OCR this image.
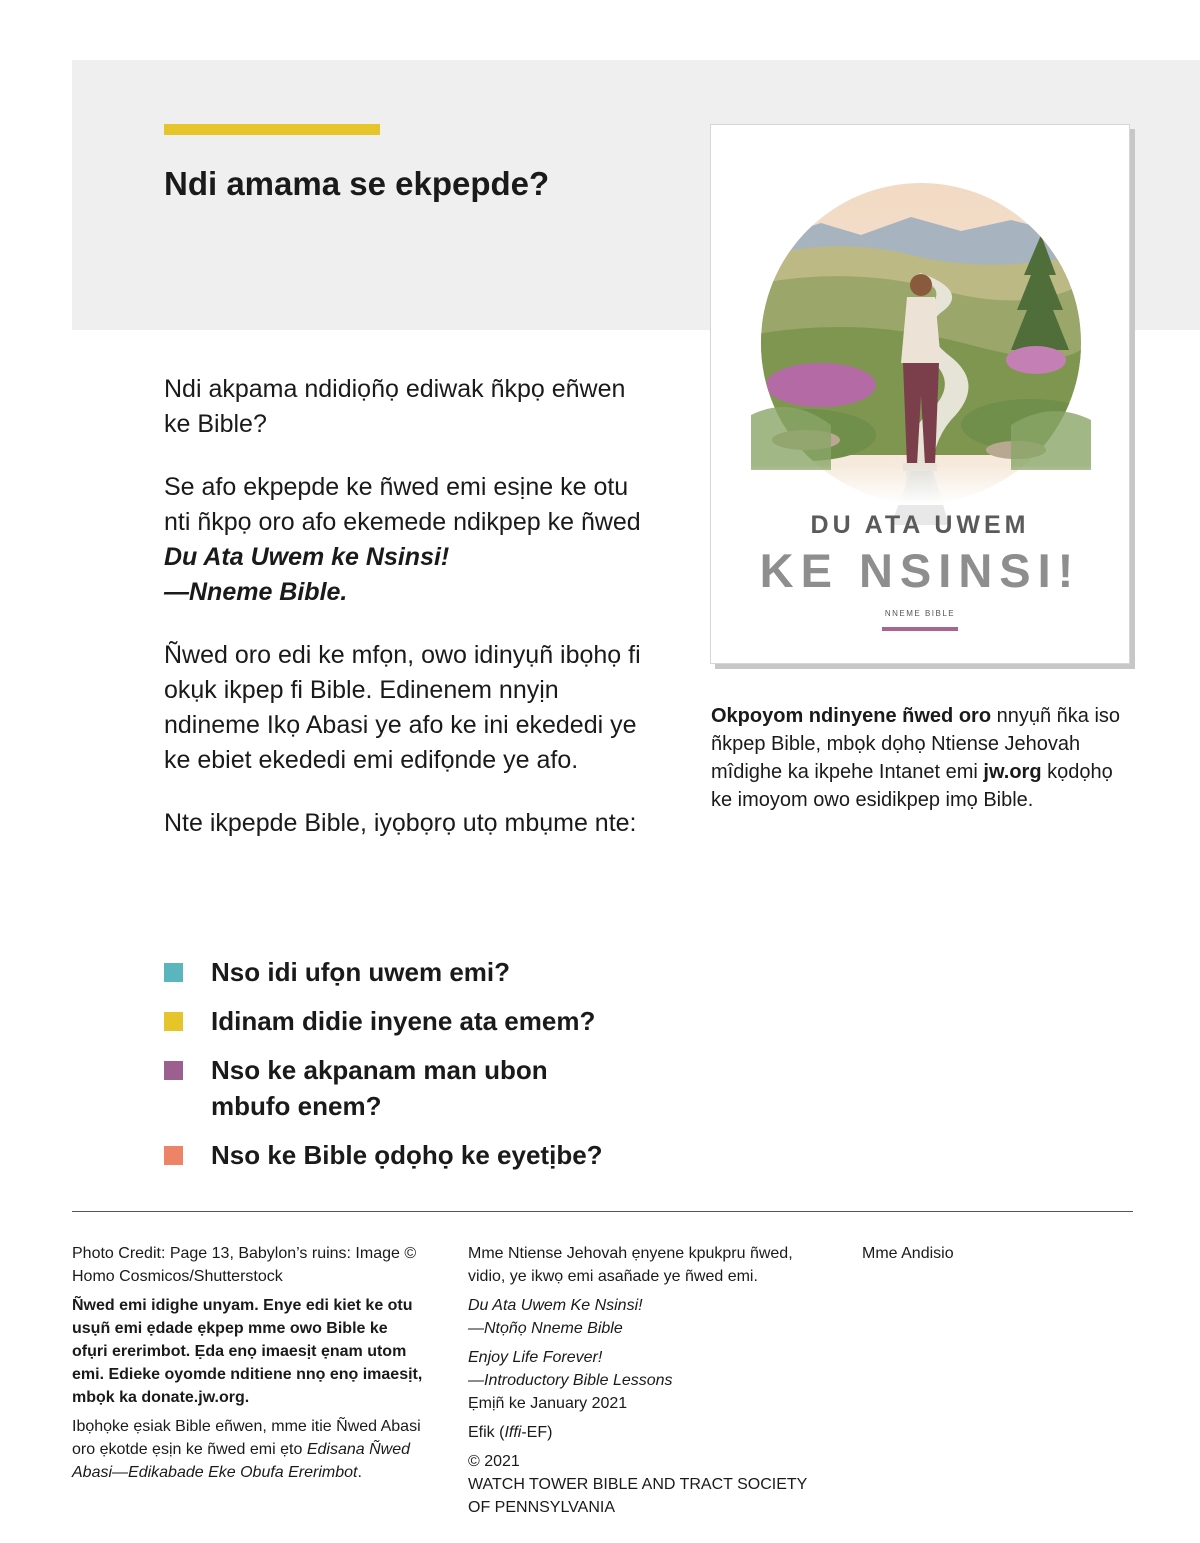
Ndi amama se ekpepde?

Ndi akpama ndidiọñọ ediwak ñkpọ eñwen ke Bible?

Se afo ekpepde ke ñwed emi esịne ke otu nti ñkpọ oro afo ekemede ndikpep ke ñwed Du Ata Uwem ke Nsinsi!
—Nneme Bible.

Ñwed oro edi ke mfọn, owo idinyụñ ibọhọ fi okụk ikpep fi Bible. Edinenem nnyịn ndineme Ikọ Abasi ye afo ke ini ekededi ye ke ebiet ekededi emi edifọnde ye afo.

Nte ikpepde Bible, iyọbọrọ utọ mbụme nte:

Nso idi ufọn uwem emi?
Idinam didie inyene ata emem?
Nso ke akpanam man ubon mbufo enem?
Nso ke Bible ọdọhọ ke eyetịbe?
DU ATA UWEM
KE NSINSI!
NNEME BIBLE

Okpoyom ndinyene ñwed oro nnyụñ ñka iso ñkpep Bible, mbọk dọhọ Ntiense Jehovah mîdighe ka ikpehe Intanet emi jw.org kọdọhọ ke imoyom owo esidikpep imọ Bible.

Photo Credit: Page 13, Babylon’s ruins: Image © Homo Cosmicos/Shutterstock

Ñwed emi idighe unyam. Enye edi kiet ke otu usụñ emi ẹdade ẹkpep mme owo Bible ke ofụri ererimbot. Ẹda enọ imaesịt ẹnam utom emi. Edieke oyomde nditiene nnọ enọ imaesịt, mbọk ka donate.jw.org.

Ibọhọke ẹsiak Bible eñwen, mme itie Ñwed Abasi oro ẹkotde ẹsịn ke ñwed emi ẹto Edisana Ñwed Abasi—Edikabade Eke Obufa Ererimbot.

Mme Ntiense Jehovah ẹnyene kpukpru ñwed, vidio, ye ikwọ emi asañade ye ñwed emi.

Du Ata Uwem Ke Nsinsi!
—Ntọñọ Nneme Bible

Enjoy Life Forever!
—Introductory Bible Lessons
Ẹmịñ ke January 2021

Efik (Iffi-EF)

© 2021
WATCH TOWER BIBLE AND TRACT SOCIETY
OF PENNSYLVANIA

Mme Andisio
